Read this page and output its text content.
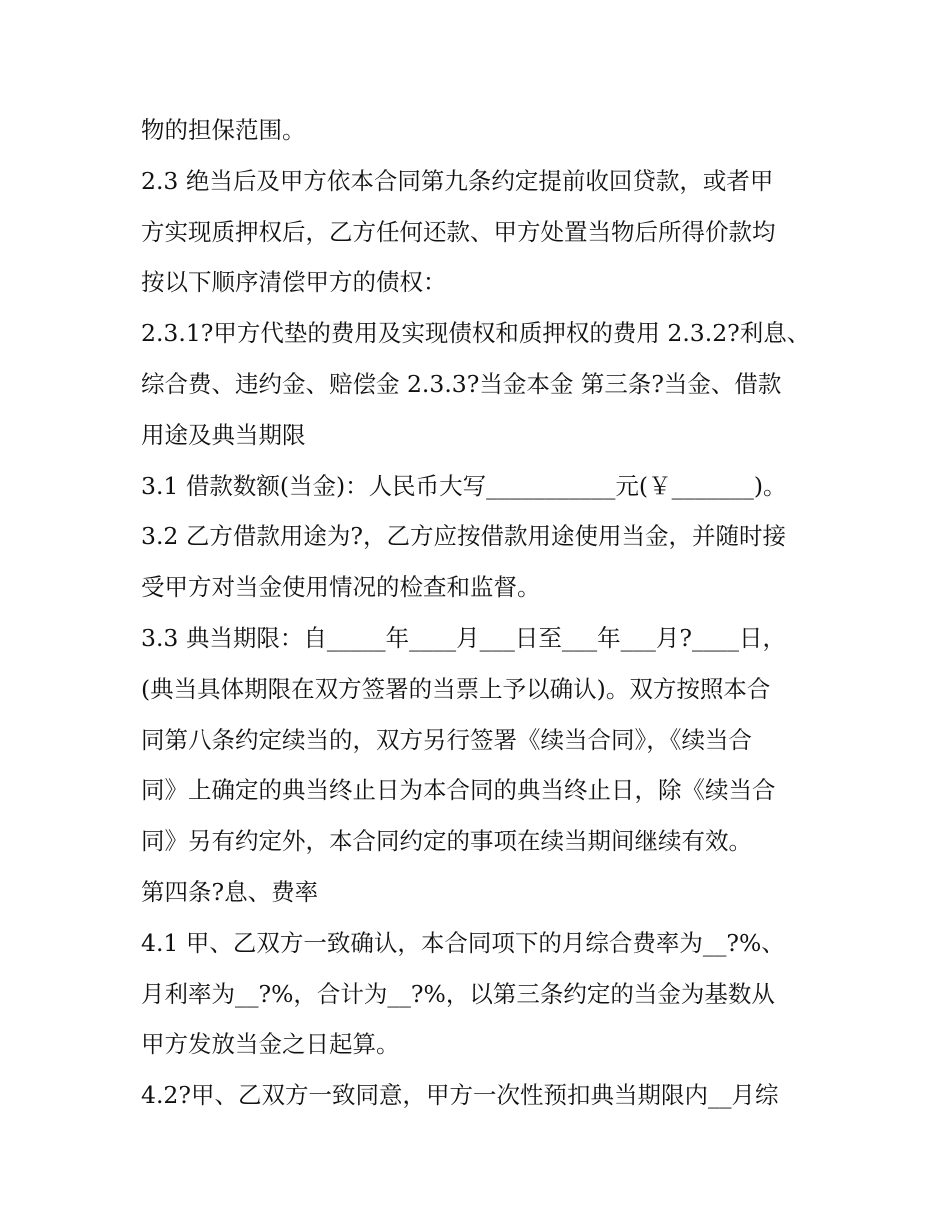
物的担保范围。
2.3 绝当后及甲方依本合同第九条约定提前收回贷款，或者甲
方实现质押权后，乙方任何还款、甲方处置当物后所得价款均
按以下顺序清偿甲方的债权：
2.3.1?甲方代垫的费用及实现债权和质押权的费用 2.3.2?利息、
综合费、违约金、赔偿金 2.3.3?当金本金 第三条?当金、借款
用途及典当期限
3.1 借款数额(当金)：人民币大写___________元(￥_______)。
3.2 乙方借款用途为?，乙方应按借款用途使用当金，并随时接
受甲方对当金使用情况的检查和监督。
3.3 典当期限：自_____年____月___日至___年___月?____日，
(典当具体期限在双方签署的当票上予以确认)。双方按照本合
同第八条约定续当的，双方另行签署《续当合同》，《续当合
同》上确定的典当终止日为本合同的典当终止日，除《续当合
同》另有约定外，本合同约定的事项在续当期间继续有效。
第四条?息、费率
4.1 甲、乙双方一致确认，本合同项下的月综合费率为__?%、
月利率为__?%，合计为__?%，以第三条约定的当金为基数从
甲方发放当金之日起算。
4.2?甲、乙双方一致同意，甲方一次性预扣典当期限内__月综
